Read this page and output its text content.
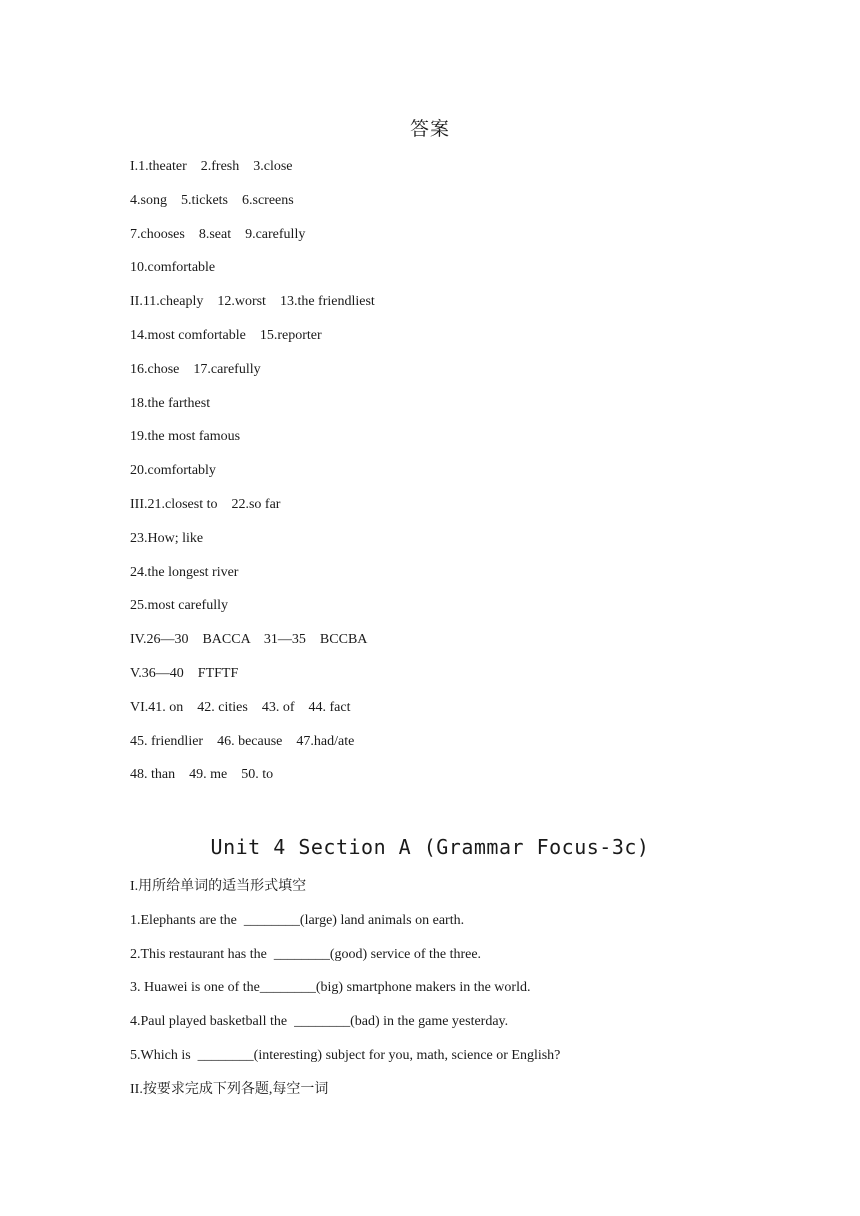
答案
I.1.theater    2.fresh    3.close
4.song    5.tickets    6.screens
7.chooses    8.seat    9.carefully
10.comfortable
II.11.cheaply    12.worst    13.the friendliest
14.most comfortable    15.reporter
16.chose    17.carefully
18.the farthest
19.the most famous
20.comfortably
III.21.closest to    22.so far
23.How; like
24.the longest river
25.most carefully
IV.26—30    BACCA    31—35    BCCBA
V.36—40    FTFTF
VI.41. on    42. cities    43. of    44. fact
45. friendlier    46. because    47.had/ate
48. than    49. me    50. to
Unit 4 Section A (Grammar Focus-3c)
I.用所给单词的适当形式填空
1.Elephants are the  ________(large) land animals on earth.
2.This restaurant has the  ________(good) service of the three.
3. Huawei is one of the________(big) smartphone makers in the world.
4.Paul played basketball the  ________(bad) in the game yesterday.
5.Which is  ________(interesting) subject for you, math, science or English?
II.按要求完成下列各题,每空一词
